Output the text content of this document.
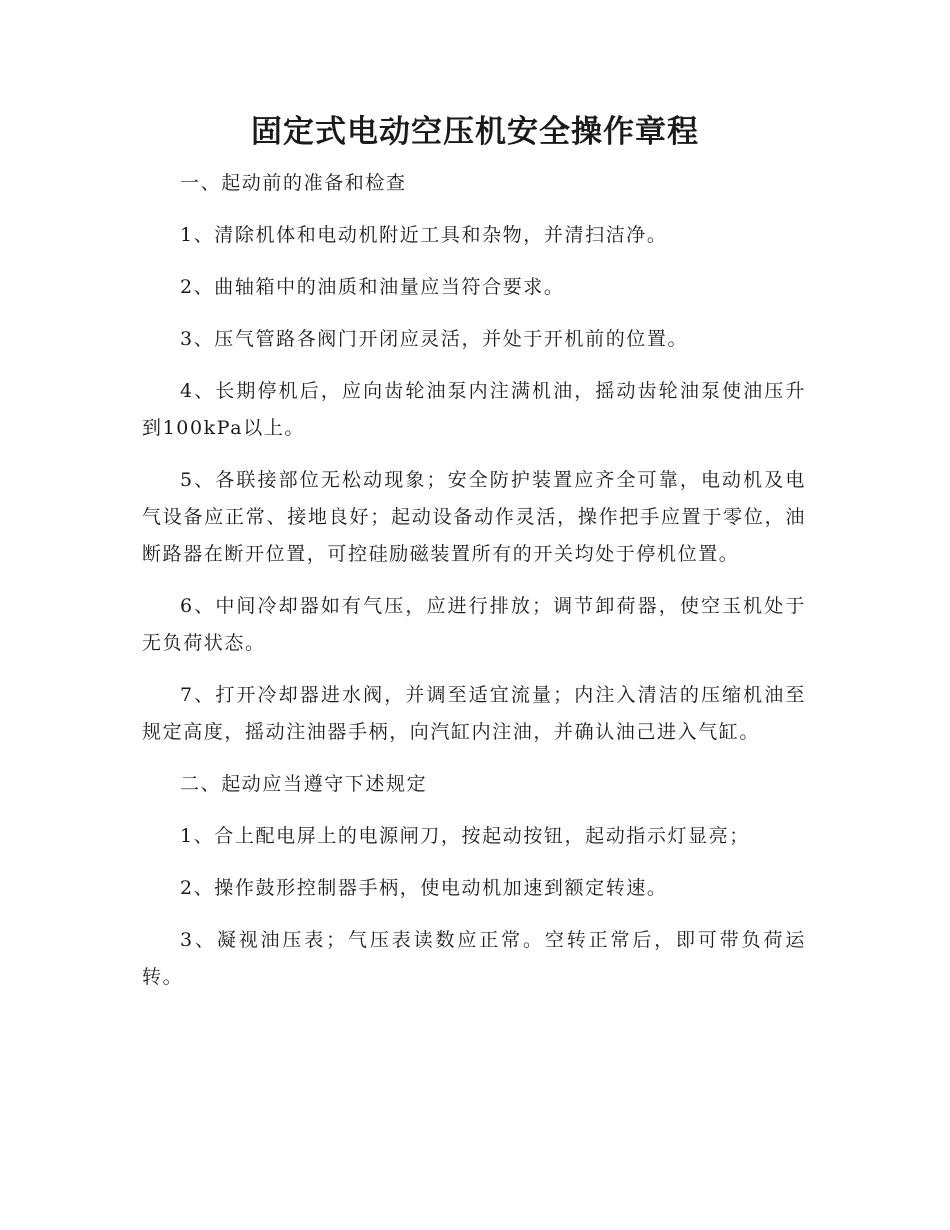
固定式电动空压机安全操作章程

一、起动前的准备和检查

1、清除机体和电动机附近工具和杂物，并清扫洁净。

2、曲轴箱中的油质和油量应当符合要求。

3、压气管路各阀门开闭应灵活，并处于开机前的位置。

4、长期停机后，应向齿轮油泵内注满机油，摇动齿轮油泵使油压升到100kPa以上。

5、各联接部位无松动现象；安全防护装置应齐全可靠，电动机及电气设备应正常、接地良好；起动设备动作灵活，操作把手应置于零位，油断路器在断开位置，可控硅励磁装置所有的开关均处于停机位置。

6、中间冷却器如有气压，应进行排放；调节卸荷器，使空玉机处于无负荷状态。

7、打开冷却器进水阀，并调至适宜流量；内注入清洁的压缩机油至规定高度，摇动注油器手柄，向汽缸内注油，并确认油己进入气缸。

二、起动应当遵守下述规定

1、合上配电屏上的电源闸刀，按起动按钮，起动指示灯显亮；

2、操作鼓形控制器手柄，使电动机加速到额定转速。

3、凝视油压表；气压表读数应正常。空转正常后，即可带负荷运转。
